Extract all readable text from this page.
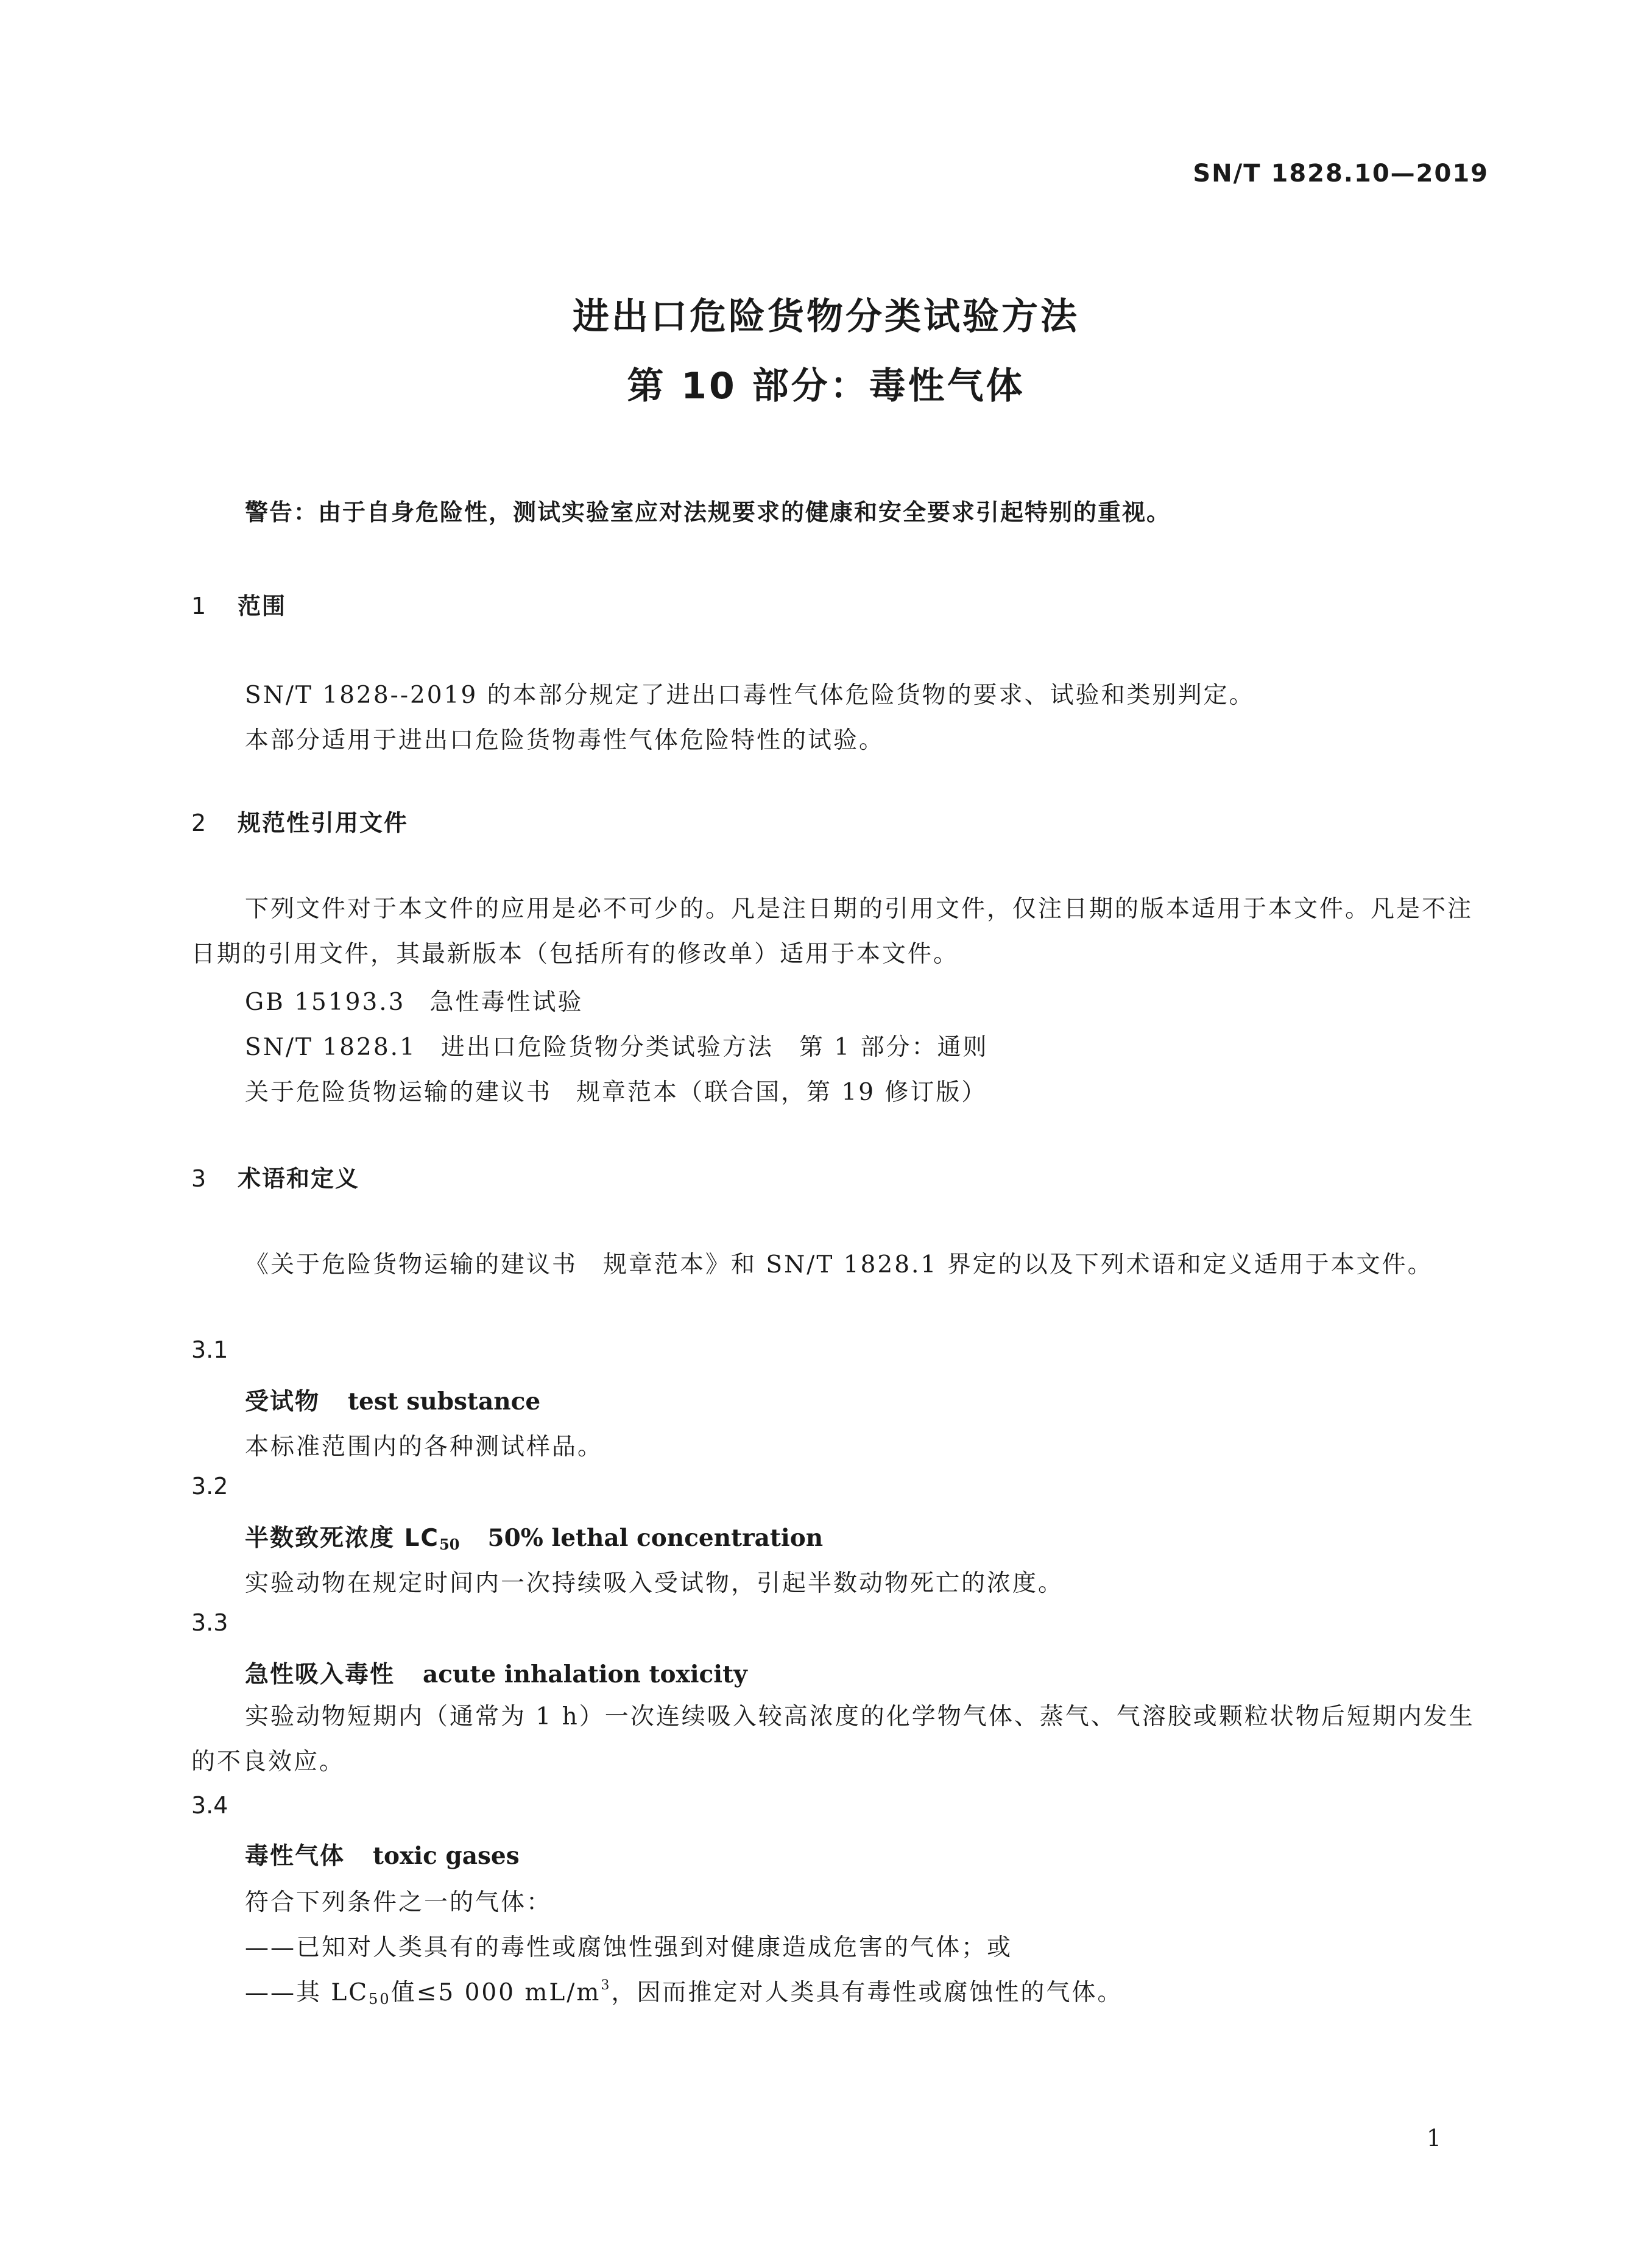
SN/T 1828.10—2019
进出口危险货物分类试验方法
第 10 部分：毒性气体
警告：由于自身危险性，测试实验室应对法规要求的健康和安全要求引起特别的重视。
1 范围
SN/T 1828--2019 的本部分规定了进出口毒性气体危险货物的要求、试验和类别判定。
本部分适用于进出口危险货物毒性气体危险特性的试验。
2 规范性引用文件
下列文件对于本文件的应用是必不可少的。凡是注日期的引用文件，仅注日期的版本适用于本文件。凡是不注日期的引用文件，其最新版本（包括所有的修改单）适用于本文件。
GB 15193.3 急性毒性试验
SN/T 1828.1 进出口危险货物分类试验方法　第 1 部分：通则
关于危险货物运输的建议书 规章范本（联合国，第 19 修订版）
3 术语和定义
《关于危险货物运输的建议书　规章范本》和 SN/T 1828.1 界定的以及下列术语和定义适用于本文件。
3.1
受试物 test substance
本标准范围内的各种测试样品。
3.2
半数致死浓度 $LC_{50}$ 50% lethal concentration
实验动物在规定时间内一次持续吸入受试物，引起半数动物死亡的浓度。
3.3
急性吸入毒性 acute inhalation toxicity
实验动物短期内（通常为 1 h）一次连续吸入较高浓度的化学物气体、蒸气、气溶胶或颗粒状物后短期内发生的不良效应。
3.4
毒性气体 toxic gases
符合下列条件之一的气体：
——已知对人类具有的毒性或腐蚀性强到对健康造成危害的气体；或
——其 $LC_{50}$值≤5 000 $mL/m^3$，因而推定对人类具有毒性或腐蚀性的气体。
1
